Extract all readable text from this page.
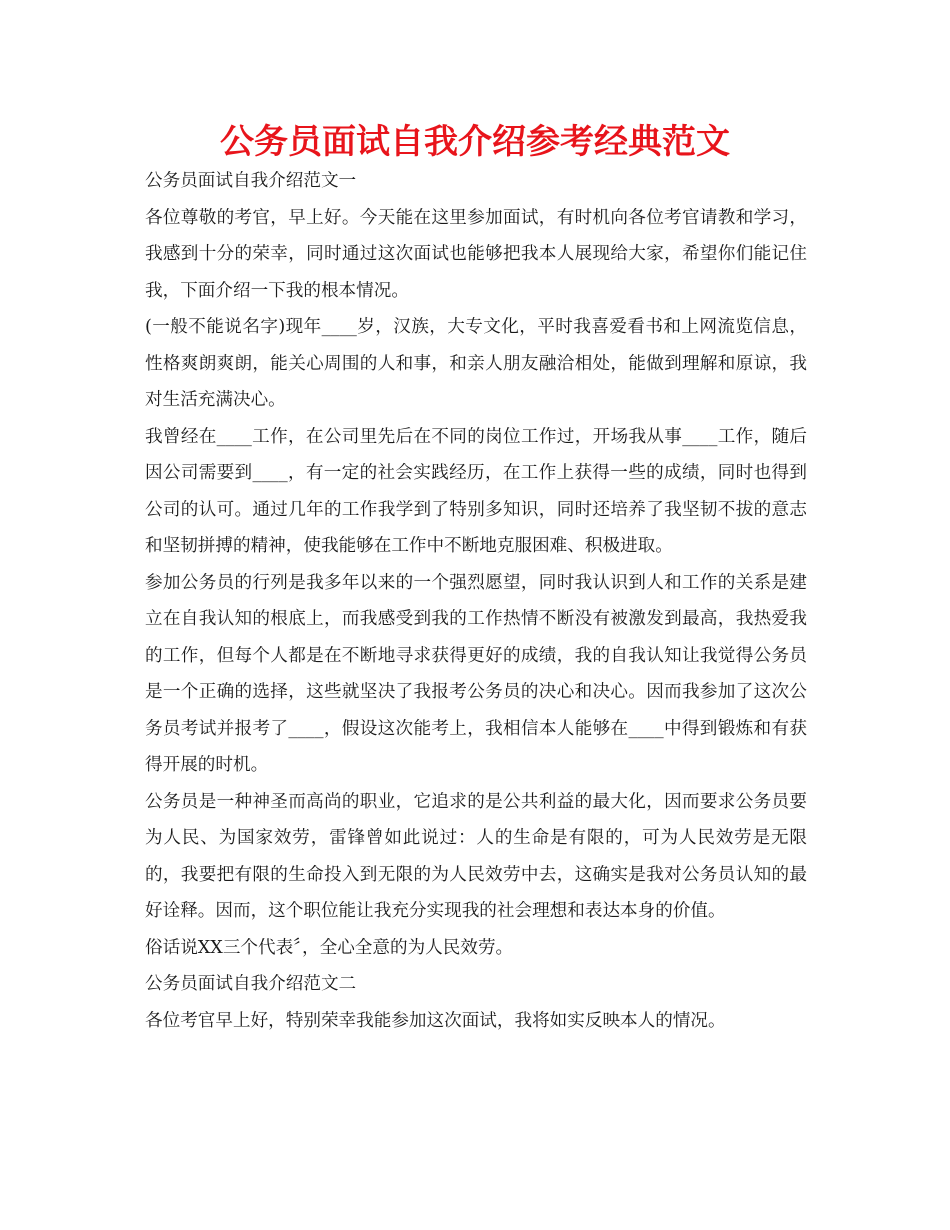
公务员面试自我介绍参考经典范文

公务员面试自我介绍范文一

各位尊敬的考官，早上好。今天能在这里参加面试，有时机向各位考官请教和学习，我感到十分的荣幸，同时通过这次面试也能够把我本人展现给大家，希望你们能记住我，下面介绍一下我的根本情况。

(一般不能说名字)现年____岁，汉族，大专文化，平时我喜爱看书和上网流览信息，性格爽朗爽朗，能关心周围的人和事，和亲人朋友融洽相处，能做到理解和原谅，我对生活充满决心。

我曾经在____工作，在公司里先后在不同的岗位工作过，开场我从事____工作，随后因公司需要到____，有一定的社会实践经历，在工作上获得一些的成绩，同时也得到公司的认可。通过几年的工作我学到了特别多知识，同时还培养了我坚韧不拔的意志和坚韧拼搏的精神，使我能够在工作中不断地克服困难、积极进取。

参加公务员的行列是我多年以来的一个强烈愿望，同时我认识到人和工作的关系是建立在自我认知的根底上，而我感受到我的工作热情不断没有被激发到最高，我热爱我的工作，但每个人都是在不断地寻求获得更好的成绩，我的自我认知让我觉得公务员是一个正确的选择，这些就坚决了我报考公务员的决心和决心。因而我参加了这次公务员考试并报考了____，假设这次能考上，我相信本人能够在____中得到锻炼和有获得开展的时机。

公务员是一种神圣而高尚的职业，它追求的是公共利益的最大化，因而要求公务员要为人民、为国家效劳，雷锋曾如此说过：人的生命是有限的，可为人民效劳是无限的，我要把有限的生命投入到无限的为人民效劳中去，这确实是我对公务员认知的最好诠释。因而，这个职位能让我充分实现我的社会理想和表达本身的价值。

俗话说XX三个代表〞，全心全意的为人民效劳。

公务员面试自我介绍范文二

各位考官早上好，特别荣幸我能参加这次面试，我将如实反映本人的情况。
